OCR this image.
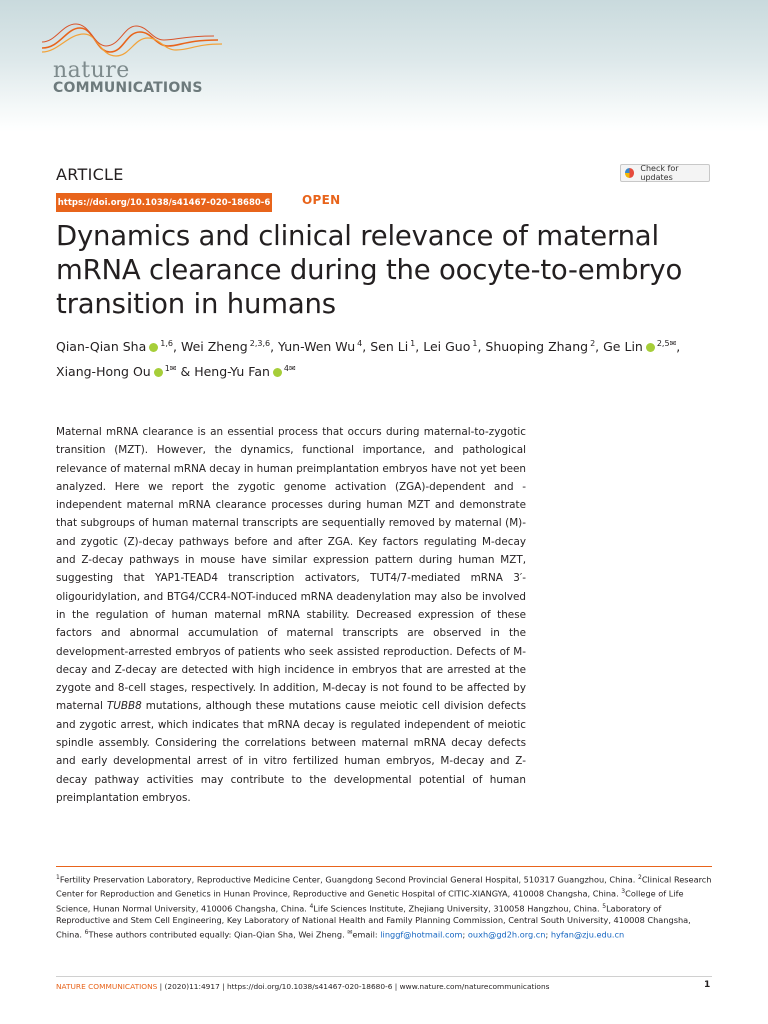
nature
COMMUNICATIONS
ARTICLE	Check for updates
https://doi.org/10.1038/s41467-020-18680-6	OPEN
Dynamics and clinical relevance of maternal mRNA clearance during the oocyte-to-embryo transition in humans
Qian-Qian Sha $^{1,6}$, Wei Zheng $^{2,3,6}$, Yun-Wen Wu $^4$, Sen Li $^1$, Lei Guo $^1$, Shuoping Zhang $^2$, Ge Lin $^{2,5✉}$, Xiang-Hong Ou $^{1✉}$ & Heng-Yu Fan $^{4✉}$

Maternal mRNA clearance is an essential process that occurs during maternal-to-zygotic transition (MZT). However, the dynamics, functional importance, and pathological relevance of maternal mRNA decay in human preimplantation embryos have not yet been analyzed. Here we report the zygotic genome activation (ZGA)-dependent and -independent maternal mRNA clearance processes during human MZT and demonstrate that subgroups of human maternal transcripts are sequentially removed by maternal (M)- and zygotic (Z)-decay pathways before and after ZGA. Key factors regulating M-decay and Z-decay pathways in mouse have similar expression pattern during human MZT, suggesting that YAP1-TEAD4 transcription activators, TUT4/7-mediated mRNA 3′-oligouridylation, and BTG4/CCR4-NOT-induced mRNA deadenylation may also be involved in the regulation of human maternal mRNA stability. Decreased expression of these factors and abnormal accumulation of maternal transcripts are observed in the development-arrested embryos of patients who seek assisted reproduction. Defects of M-decay and Z-decay are detected with high incidence in embryos that are arrested at the zygote and 8-cell stages, respectively. In addition, M-decay is not found to be affected by maternal TUBB8 mutations, although these mutations cause meiotic cell division defects and zygotic arrest, which indicates that mRNA decay is regulated independent of meiotic spindle assembly. Considering the correlations between maternal mRNA decay defects and early developmental arrest of in vitro fertilized human embryos, M-decay and Z-decay pathway activities may contribute to the developmental potential of human preimplantation embryos.

$^1$Fertility Preservation Laboratory, Reproductive Medicine Center, Guangdong Second Provincial General Hospital, 510317 Guangzhou, China. $^2$Clinical Research Center for Reproduction and Genetics in Hunan Province, Reproductive and Genetic Hospital of CITIC-XIANGYA, 410008 Changsha, China. $^3$College of Life Science, Hunan Normal University, 410006 Changsha, China. $^4$Life Sciences Institute, Zhejiang University, 310058 Hangzhou, China. $^5$Laboratory of Reproductive and Stem Cell Engineering, Key Laboratory of National Health and Family Planning Commission, Central South University, 410008 Changsha, China. $^6$These authors contributed equally: Qian-Qian Sha, Wei Zheng. ✉email: linggf@hotmail.com; ouxh@gd2h.org.cn; hyfan@zju.edu.cn
NATURE COMMUNICATIONS | (2020)11:4917 | https://doi.org/10.1038/s41467-020-18680-6 | www.nature.com/naturecommunications	1
